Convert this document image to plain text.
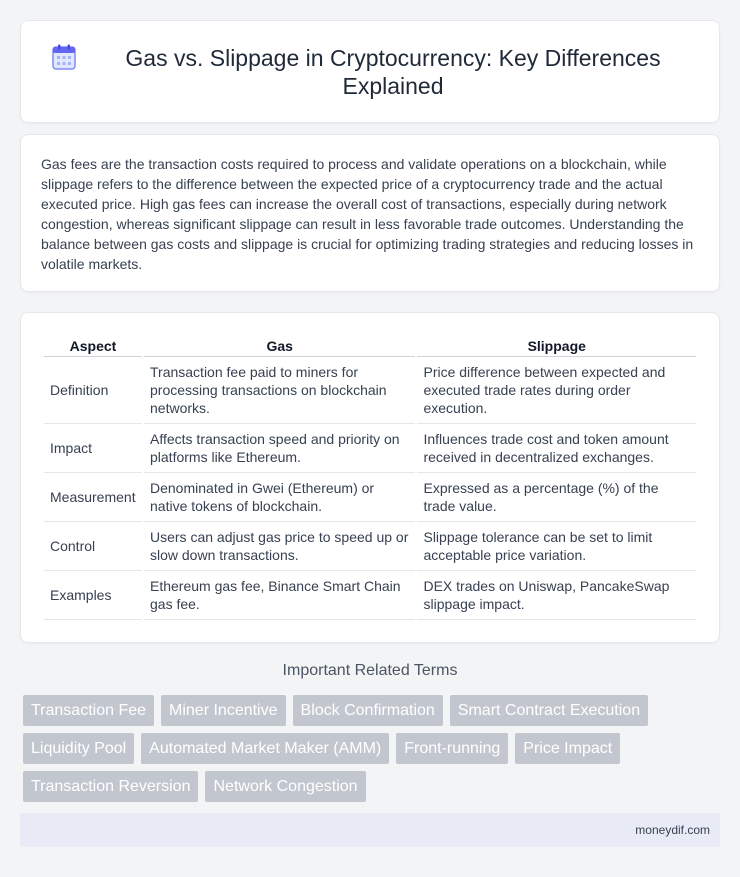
Gas vs. Slippage in Cryptocurrency: Key Differences Explained

Gas fees are the transaction costs required to process and validate operations on a blockchain, while slippage refers to the difference between the expected price of a cryptocurrency trade and the actual executed price. High gas fees can increase the overall cost of transactions, especially during network congestion, whereas significant slippage can result in less favorable trade outcomes. Understanding the balance between gas costs and slippage is crucial for optimizing trading strategies and reducing losses in volatile markets.

Aspect	Gas	Slippage
Definition	Transaction fee paid to miners for processing transactions on blockchain networks.	Price difference between expected and executed trade rates during order execution.
Impact	Affects transaction speed and priority on platforms like Ethereum.	Influences trade cost and token amount received in decentralized exchanges.
Measurement	Denominated in Gwei (Ethereum) or native tokens of blockchain.	Expressed as a percentage (%) of the trade value.
Control	Users can adjust gas price to speed up or slow down transactions.	Slippage tolerance can be set to limit acceptable price variation.
Examples	Ethereum gas fee, Binance Smart Chain gas fee.	DEX trades on Uniswap, PancakeSwap slippage impact.
Important Related Terms
Transaction Fee	Miner Incentive	Block Confirmation	Smart Contract Execution
Liquidity Pool	Automated Market Maker (AMM)	Front-running	Price Impact
Transaction Reversion	Network Congestion
moneydif.com
